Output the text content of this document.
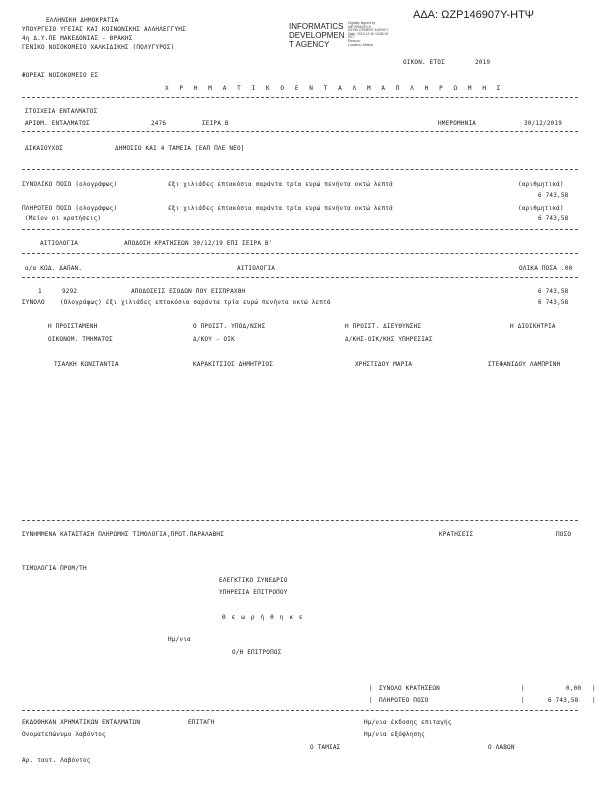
ΑΔΑ: ΩΖΡ146907Υ-ΗΤΨ
ΕΛΛΗΝΙΚΗ ΔΗΜΟΚΡΑΤΙΑ
ΥΠΟΥΡΓΕΙΟ ΥΓΕΙΑΣ ΚΑΙ ΚΟΙΝΩΝΙΚΗΣ ΑΛΛΗΛΕΓΓΥΗΣ
4η Δ.Υ.ΠΕ ΜΑΚΕΔΟΝΙΑΣ - ΘΡΑΚΗΣ
ΓΕΝΙΚΟ ΝΟΣΟΚΟΜΕΙΟ ΧΑΛΚΙΔΙΚΗΣ (ΠΟΛΥΓΥΡΟΣ)
INFORMATICS
DEVELOPMEN
T AGENCY
Digitally signed by
INFORMATICS
DEVELOPMENT AGENCY
Date: 2019.12.30 13:38:18
EET
Reason:
Location: Athens
ΟΙΚΟΝ. ΕΤΟΣ	2019
ΦΟΡΕΑΣ ΝΟΣΟΚΟΜΕΙΟ ΕΣ
Χ Ρ Η Μ Α Τ Ι Κ Ο Ε Ν Τ Α Λ Μ Α Π Λ Η Ρ Ω Μ Η Σ
ΣΤΟΙΧΕΙΑ ΕΝΤΑΛΜΑΤΟΣ
ΑΡΙΘΜ. ΕΝΤΑΛΜΑΤΟΣ	2476	ΣΕΙΡΑ Β	ΗΜΕΡΟΜΗΝΙΑ	30/12/2019
ΔΙΚΑΙΟΥΧΟΣ	ΔΗΜΟΣΙΟ ΚΑΙ 4 ΤΑΜΕΙΑ [ΕΑΠ ΠΛΕ ΝΕΟ]
ΣΥΝΟΛΙΚΟ ΠΟΣΟ (ολογράφως)	έξι χιλιάδες επτακόσια σαράντα τρία ευρώ πενήντα οκτώ λεπτά	(αριθμητικά)
6 743,58
ΠΛΗΡΩΤΕΟ ΠΟΣΟ (ολογράφως)	έξι χιλιάδες επτακόσια σαράντα τρία ευρώ πενήντα οκτώ λεπτά	(αριθμητικά)
(Μείον οι κρατήσεις)	6 743,58
ΑΙΤΙΟΛΟΓΙΑ	ΑΠΟΔΟΣΗ ΚΡΑΤΗΣΕΩΝ 30/12/19 ΕΠΙ ΣΕΙΡΑ Β'
α/α ΚΩΔ. ΔΑΠΑΝ.	ΑΙΤΙΟΛΟΓΙΑ	ΟΛΙΚΑ ΠΟΣΑ .00
1	9292	ΑΠΟΔΟΣΕΙΣ ΕΣΟΔΩΝ ΠΟΥ ΕΙΣΠΡΑΧΘΗ	6 743,58
ΣΥΝΟΛΟ	(Ολογράφως) έξι χιλιάδες επτακόσια σαράντα τρία ευρώ πενήντα οκτώ λεπτά	6 743,58
Η ΠΡΟΙΣΤΑΜΕΝΗ	Ο ΠΡΟΙΣΤ. ΥΠΟΔ/ΝΣΗΣ	Η ΠΡΟΙΣΤ. ΔΙΕΥΘΥΝΣΗΣ	Η ΔΙΟΙΚΗΤΡΙΑ
ΟΙΚΟΝΟΜ. ΤΜΗΜΑΤΟΣ	Δ/ΚΟΥ - ΟΙΚ	Δ/ΚΗΣ-ΟΙΚ/ΚΗΣ ΥΠΗΡΕΣΙΑΣ
ΤΣΑΛΚΗ ΚΩΝΣΤΑΝΤΙΑ	ΚΑΡΑΚΙΤΣΙΟΣ ΔΗΜΗΤΡΙΟΣ	ΧΡΗΣΤΙΔΟΥ ΜΑΡΙΑ	ΣΤΕΦΑΝΙΔΟΥ ΛΑΜΠΡΙΝΗ
ΣΥΝΗΜΜΕΝΑ ΚΑΤΑΣΤΑΣΗ ΠΛΗΡΩΜΗΣ ΤΙΜΟΛΟΓΙΑ,ΠΡΩΤ.ΠΑΡΑΛΑΒΗΣ	ΚΡΑΤΗΣΕΙΣ	ΠΟΣΟ
ΤΙΜΟΛΟΓΙΑ ΠΡΟΜ/ΤΗ
ΕΛΕΓΚΤΙΚΟ ΣΥΝΕΔΡΙΟ
ΥΠΗΡΕΣΙΑ ΕΠΙΤΡΟΠΟΥ
Θ ε ω ρ ή θ η κ ε
Ημ/νια
Ο/Η ΕΠΙΤΡΟΠΟΣ
| ΣΥΝΟΛΟ ΚΡΑΤΗΣΕΩΝ	|	0,00 |
| ΠΛΗΡΩΤΕΟ ΠΟΣΟ	|	6 743,58 |
ΕΚΔΟΘΗΚΑΝ ΧΡΗΜΑΤΙΚΩΝ ΕΝΤΑΛΜΑΤΩΝ	ΕΠΙΤΑΓΗ	Ημ/νια έκδοσης επιταγής
Ονοματεπώνυμο λαβόντος	Ημ/νια εξόφλησης
Ο ΤΑΜΙΑΣ	Ο ΛΑΒΩΝ
Αρ. ταυτ. Λαβόντος
